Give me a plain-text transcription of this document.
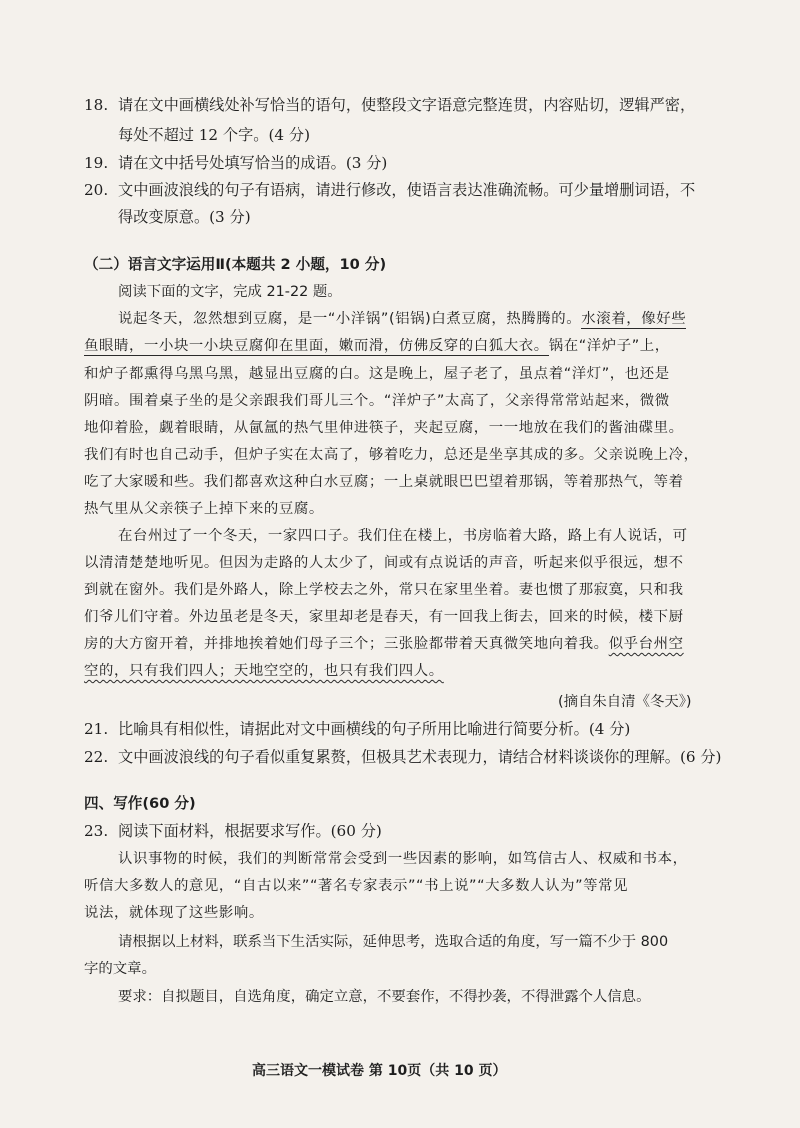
18. 请在文中画横线处补写恰当的语句，使整段文字语意完整连贯，内容贴切，逻辑严密，
每处不超过 12 个字。(4 分)
19. 请在文中括号处填写恰当的成语。(3 分)
20. 文中画波浪线的句子有语病，请进行修改，使语言表达准确流畅。可少量增删词语，不
得改变原意。(3 分)
（二）语言文字运用Ⅱ(本题共 2 小题，10 分)
阅读下面的文字，完成 21-22 题。
说起冬天，忽然想到豆腐，是一“小洋锅”(铝锅)白煮豆腐，热腾腾的。水滚着，像好些
鱼眼睛，一小块一小块豆腐仰在里面，嫩而滑，仿佛反穿的白狐大衣。锅在“洋炉子”上，
和炉子都熏得乌黑乌黑，越显出豆腐的白。这是晚上，屋子老了，虽点着“洋灯”，也还是
阴暗。围着桌子坐的是父亲跟我们哥儿三个。“洋炉子”太高了，父亲得常常站起来，微微
地仰着脸，觑着眼睛，从氤氲的热气里伸进筷子，夹起豆腐，一一地放在我们的酱油碟里。
我们有时也自己动手，但炉子实在太高了，够着吃力，总还是坐享其成的多。父亲说晚上冷，
吃了大家暖和些。我们都喜欢这种白水豆腐；一上桌就眼巴巴望着那锅，等着那热气，等着
热气里从父亲筷子上掉下来的豆腐。
在台州过了一个冬天，一家四口子。我们住在楼上，书房临着大路，路上有人说话，可
以清清楚楚地听见。但因为走路的人太少了，间或有点说话的声音，听起来似乎很远，想不
到就在窗外。我们是外路人，除上学校去之外，常只在家里坐着。妻也惯了那寂寞，只和我
们爷儿们守着。外边虽老是冬天，家里却老是春天，有一回我上街去，回来的时候，楼下厨
房的大方窗开着，并排地挨着她们母子三个；三张脸都带着天真微笑地向着我。似乎台州空
空的，只有我们四人；天地空空的，也只有我们四人。
(摘自朱自清《冬天》)
21. 比喻具有相似性，请据此对文中画横线的句子所用比喻进行简要分析。(4 分)
22. 文中画波浪线的句子看似重复累赘，但极具艺术表现力，请结合材料谈谈你的理解。(6 分)
四、写作(60 分)
23. 阅读下面材料，根据要求写作。(60 分)
认识事物的时候，我们的判断常常会受到一些因素的影响，如笃信古人、权威和书本，
听信大多数人的意见，“自古以来”“著名专家表示”“书上说”“大多数人认为”等常见
说法，就体现了这些影响。
请根据以上材料，联系当下生活实际，延伸思考，选取合适的角度，写一篇不少于 800
字的文章。
要求：自拟题目，自选角度，确定立意，不要套作，不得抄袭，不得泄露个人信息。
高三语文一模试卷 第 10页（共 10 页）
